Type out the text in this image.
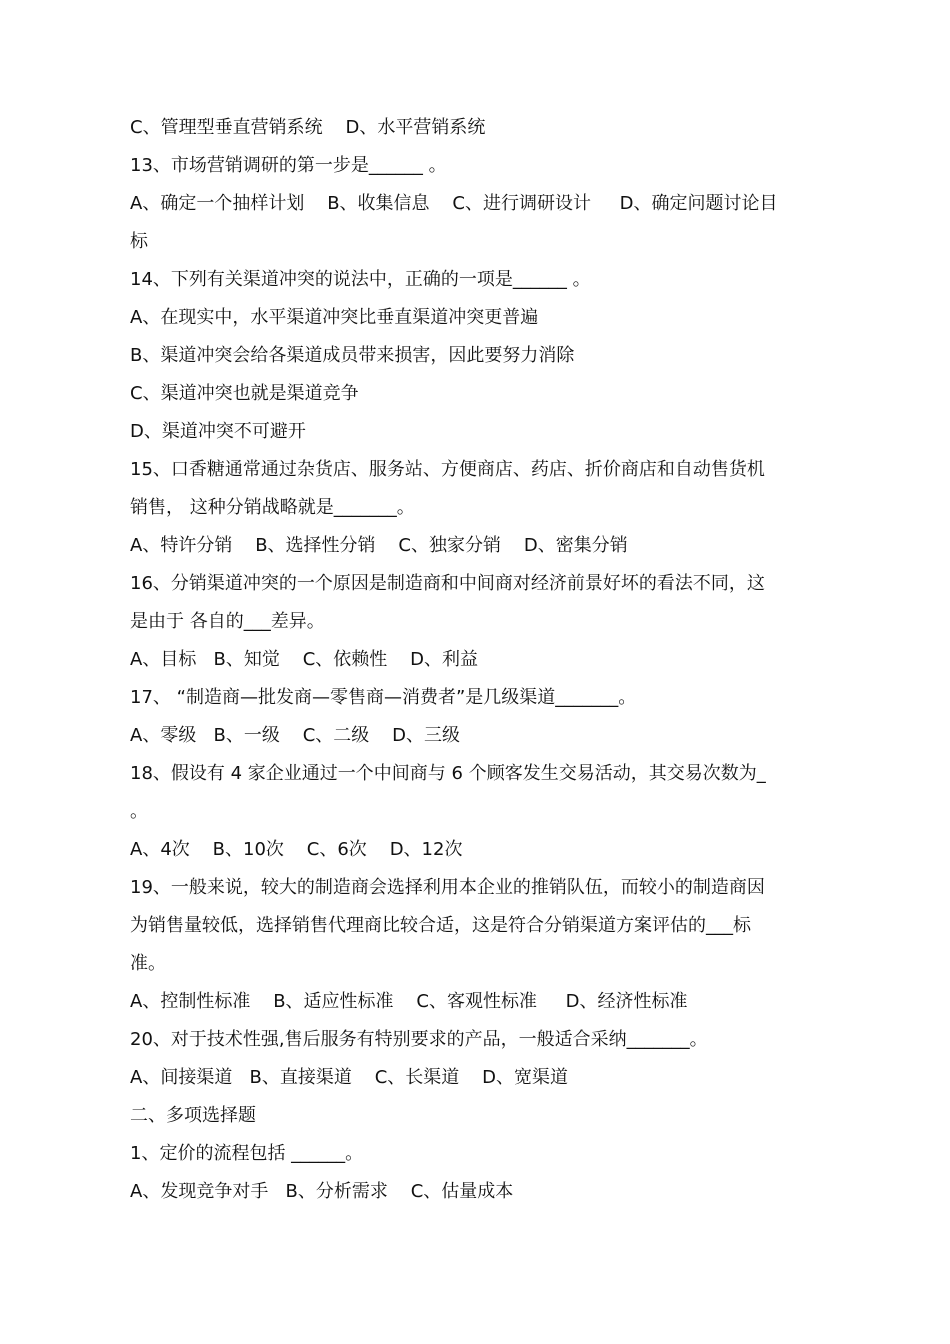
C、管理型垂直营销系统    D、水平营销系统
13、市场营销调研的第一步是______ 。
A、确定一个抽样计划    B、收集信息    C、进行调研设计     D、确定问题讨论目
标
14、下列有关渠道冲突的说法中，正确的一项是______ 。
A、在现实中，水平渠道冲突比垂直渠道冲突更普遍
B、渠道冲突会给各渠道成员带来损害，因此要努力消除
C、渠道冲突也就是渠道竞争
D、渠道冲突不可避开
15、口香糖通常通过杂货店、服务站、方便商店、药店、折价商店和自动售货机
销售， 这种分销战略就是_______。
A、特许分销    B、选择性分销    C、独家分销    D、密集分销
16、分销渠道冲突的一个原因是制造商和中间商对经济前景好坏的看法不同，这
是由于 各自的___差异。
A、目标   B、知觉    C、依赖性    D、利益
17、 “制造商—批发商—零售商—消费者”是几级渠道_______。
A、零级   B、一级    C、二级    D、三级
18、假设有 4 家企业通过一个中间商与 6 个顾客发生交易活动，其交易次数为_
。
A、4次    B、10次    C、6次    D、12次
19、一般来说，较大的制造商会选择利用本企业的推销队伍，而较小的制造商因
为销售量较低，选择销售代理商比较合适，这是符合分销渠道方案评估的___标
准。
A、控制性标准    B、适应性标准    C、客观性标准     D、经济性标准
20、对于技术性强,售后服务有特别要求的产品，一般适合采纳_______。
A、间接渠道   B、直接渠道    C、长渠道    D、宽渠道
二、多项选择题
1、定价的流程包括 ______。
A、发现竞争对手   B、分析需求    C、估量成本
